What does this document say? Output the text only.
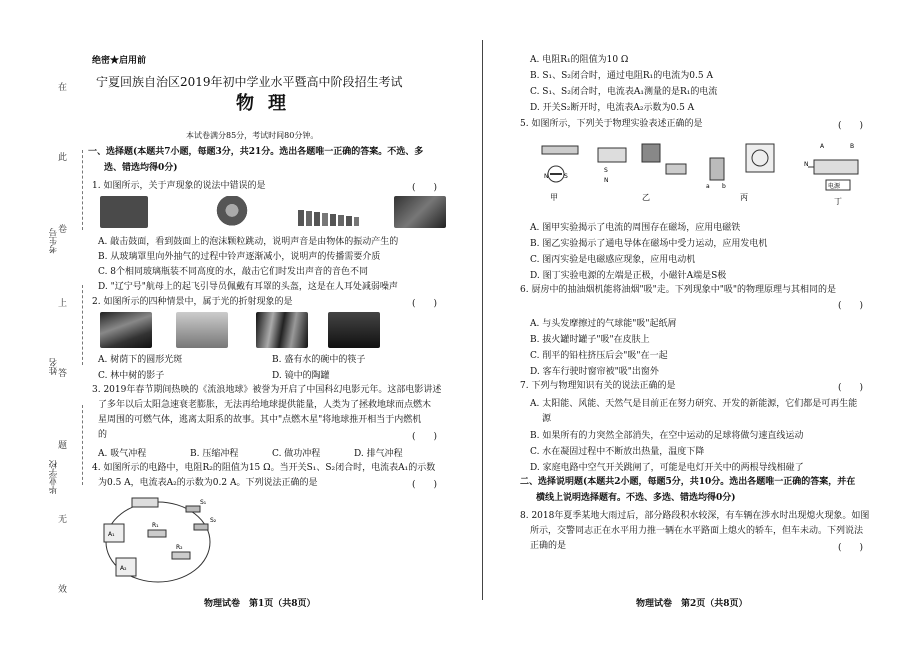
在
此
卷
上
答
题
无
效
考生号
姓名
毕业学校
绝密★启用前
宁夏回族自治区2019年初中学业水平暨高中阶段招生考试
物理
本试卷满分85分，考试时间80分钟。
一、选择题(本题共7小题，每题3分，共21分。选出各题唯一正确的答案。不选、多
选、错选均得0分)
1. 如图所示，关于声现象的说法中错误的是	(　　)
A. 敲击鼓面，看到鼓面上的泡沫颗粒跳动，说明声音是由物体的振动产生的
B. 从玻璃罩里向外抽气的过程中铃声逐渐减小，说明声的传播需要介质
C. 8个相同玻璃瓶装不同高度的水，敲击它们时发出声音的音色不同
D. "辽宁号"航母上的起飞引导员佩戴有耳罩的头盔，这是在人耳处减弱噪声
2. 如图所示的四种情景中，属于光的折射现象的是	(　　)
A. 树荫下的圆形光斑	B. 盛有水的碗中的筷子
C. 林中树的影子	D. 镜中的陶罐
3. 2019年春节期间热映的《流浪地球》被誉为开启了中国科幻电影元年。这部电影讲述
了多年以后太阳急速衰老膨胀，无法再给地球提供能量，人类为了拯救地球而点燃木
星周围的可燃气体，逃离太阳系的故事。其中"点燃木星"将地球推开相当于内燃机
的	(　　)
A. 吸气冲程	B. 压缩冲程	C. 做功冲程	D. 排气冲程
4. 如图所示的电路中，电阻R₂的阻值为15 Ω。当开关S₁、S₂闭合时，电流表A₁的示数
为0.5 A，电流表A₂的示数为0.2 A。下列说法正确的是	(　　)
S₁
S₂
R₁
R₂
A₁
A₂
物理试卷　第1页（共8页）
A. 电阻R₁的阻值为10 Ω
B. S₁、S₂闭合时，通过电阻R₁的电流为0.5 A
C. S₁、S₂闭合时，电流表A₁测量的是R₁的电流
D. 开关S₂断开时，电流表A₂示数为0.5 A
5. 如图所示，下列关于物理实验表述正确的是	(　　)
N	S
甲
S
N
乙
a b
丙
N
A	B
电源
丁
A. 图甲实验揭示了电流的周围存在磁场，应用电磁铁
B. 图乙实验揭示了通电导体在磁场中受力运动，应用发电机
C. 图丙实验是电磁感应现象，应用电动机
D. 图丁实验电源的左端是正极，小磁针A端是S极
6. 厨房中的抽油烟机能将油烟"吸"走。下列现象中"吸"的物理原理与其相同的是
(　　)
A. 与头发摩擦过的气球能"吸"起纸屑
B. 拔火罐时罐子"吸"在皮肤上
C. 削平的铅柱挤压后会"吸"在一起
D. 客车行驶时窗帘被"吸"出窗外
7. 下列与物理知识有关的说法正确的是	(　　)
A. 太阳能、风能、天然气是目前正在努力研究、开发的新能源，它们都是可再生能
源
B. 如果所有的力突然全部消失，在空中运动的足球将做匀速直线运动
C. 水在凝固过程中不断放出热量，温度下降
D. 家庭电路中空气开关跳闸了，可能是电灯开关中的两根导线相碰了
二、选择说明题(本题共2小题，每题5分，共10分。选出各题唯一正确的答案，并在
横线上说明选择题有。不选、多选、错选均得0分)
8. 2018年夏季某地大雨过后，部分路段积水较深，有车辆在涉水时出现熄火现象。如图
所示，交警同志正在水平用力推一辆在水平路面上熄火的轿车，但车未动。下列说法
正确的是	(　　)
物理试卷　第2页（共8页）
